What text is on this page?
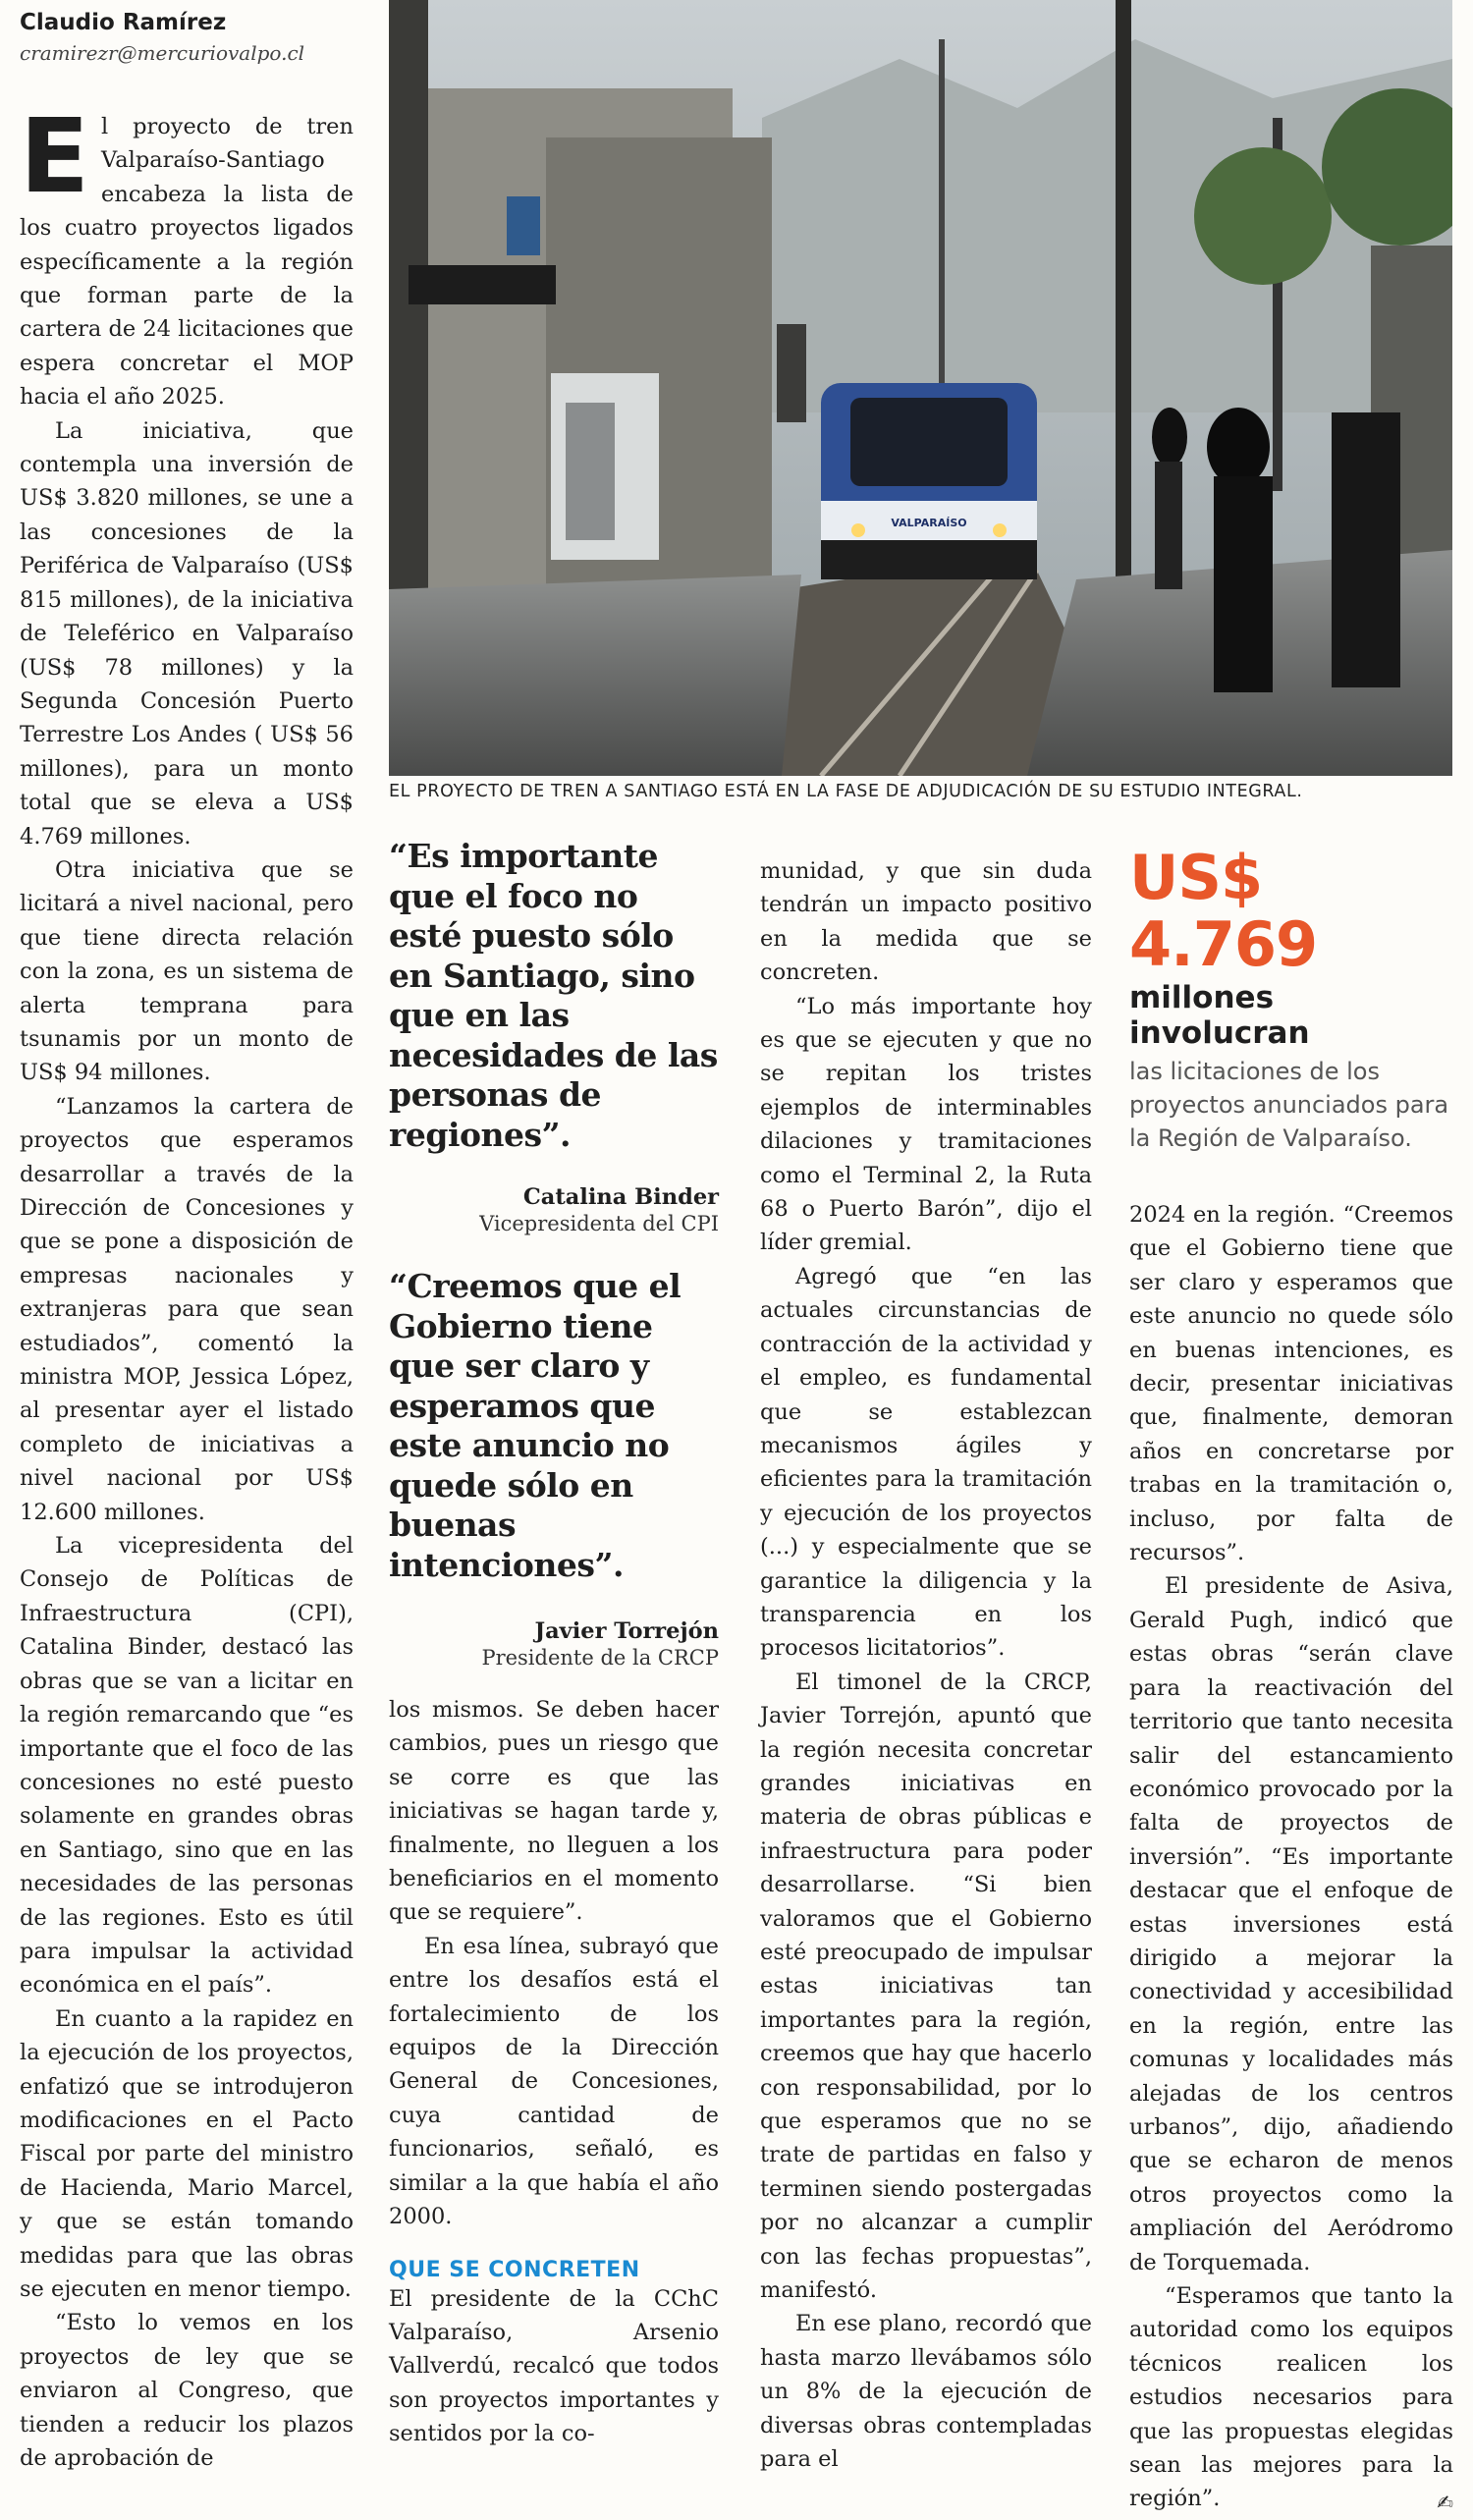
Claudio Ramírez

cramirezr@mercuriovalpo.cl

El proyecto de tren Valparaíso-Santiago encabeza la lista de los cuatro proyectos ligados específicamente a la región que forman parte de la cartera de 24 licitaciones que espera concretar el MOP hacia el año 2025.

La iniciativa, que contempla una inversión de US$ 3.820 millones, se une a las concesiones de la Periférica de Valparaíso (US$ 815 millones), de la iniciativa de Teleférico en Valparaíso (US$ 78 millones) y la Segunda Concesión Puerto Terrestre Los Andes ( US$ 56 millones), para un monto total que se eleva a US$ 4.769 millones.

Otra iniciativa que se licitará a nivel nacional, pero que tiene directa relación con la zona, es un sistema de alerta temprana para tsunamis por un monto de US$ 94 millones.

“Lanzamos la cartera de proyectos que esperamos desarrollar a través de la Dirección de Concesiones y que se pone a disposición de empresas nacionales y extranjeras para que sean estudiados”, comentó la ministra MOP, Jessica López, al presentar ayer el listado completo de iniciativas a nivel nacional por US$ 12.600 millones.

La vicepresidenta del Consejo de Políticas de Infraestructura (CPI), Catalina Binder, destacó las obras que se van a licitar en la región remarcando que “es importante que el foco de las concesiones no esté puesto solamente en grandes obras en Santiago, sino que en las necesidades de las personas de las regiones. Esto es útil para impulsar la actividad económica en el país”.

En cuanto a la rapidez en la ejecución de los proyectos, enfatizó que se introdujeron modificaciones en el Pacto Fiscal por parte del ministro de Hacienda, Mario Marcel, y que se están tomando medidas para que las obras se ejecuten en menor tiempo.

“Esto lo vemos en los proyectos de ley que se enviaron al Congreso, que tienden a reducir los plazos de aprobación de

VALPARAÍSO
EL PROYECTO DE TREN A SANTIAGO ESTÁ EN LA FASE DE ADJUDICACIÓN DE SU ESTUDIO INTEGRAL.

“Es importante que el foco no esté puesto sólo en Santiago, sino que en las necesidades de las personas de regiones”.

Catalina Binder

Vicepresidenta del CPI

“Creemos que el Gobierno tiene que ser claro y esperamos que este anuncio no quede sólo en buenas intenciones”.

Javier Torrejón

Presidente de la CRCP

los mismos. Se deben hacer cambios, pues un riesgo que se corre es que las iniciativas se hagan tarde y, finalmente, no lleguen a los beneficiarios en el momento que se requiere”.

En esa línea, subrayó que entre los desafíos está el fortalecimiento de los equipos de la Dirección General de Concesiones, cuya cantidad de funcionarios, señaló, es similar a la que había el año 2000.

QUE SE CONCRETEN

El presidente de la CChC Valparaíso, Arsenio Vallverdú, recalcó que todos son proyectos importantes y sentidos por la co-

munidad, y que sin duda tendrán un impacto positivo en la medida que se concreten.

“Lo más importante hoy es que se ejecuten y que no se repitan los tristes ejemplos de interminables dilaciones y tramitaciones como el Terminal 2, la Ruta 68 o Puerto Barón”, dijo el líder gremial.

Agregó que “en las actuales circunstancias de contracción de la actividad y el empleo, es fundamental que se establezcan mecanismos ágiles y eficientes para la tramitación y ejecución de los proyectos (...) y especialmente que se garantice la diligencia y la transparencia en los procesos licitatorios”.

El timonel de la CRCP, Javier Torrejón, apuntó que la región necesita concretar grandes iniciativas en materia de obras públicas e infraestructura para poder desarrollarse. “Si bien valoramos que el Gobierno esté preocupado de impulsar estas iniciativas tan importantes para la región, creemos que hay que hacerlo con responsabilidad, por lo que esperamos que no se trate de partidas en falso y terminen siendo postergadas por no alcanzar a cumplir con las fechas propuestas”, manifestó.

En ese plano, recordó que hasta marzo llevábamos sólo un 8% de la ejecución de diversas obras contempladas para el

US$ 4.769

millones involucran

las licitaciones de los proyectos anunciados para la Región de Valparaíso.

2024 en la región. “Creemos que el Gobierno tiene que ser claro y esperamos que este anuncio no quede sólo en buenas intenciones, es decir, presentar iniciativas que, finalmente, demoran años en concretarse por trabas en la tramitación o, incluso, por falta de recursos”.

El presidente de Asiva, Gerald Pugh, indicó que estas obras “serán clave para la reactivación del territorio que tanto necesita salir del estancamiento económico provocado por la falta de proyectos de inversión”. “Es importante destacar que el enfoque de estas inversiones está dirigido a mejorar la conectividad y accesibilidad en la región, entre las comunas y localidades más alejadas de los centros urbanos”, dijo, añadiendo que se echaron de menos otros proyectos como la ampliación del Aeródromo de Torquemada.

“Esperamos que tanto la autoridad como los equipos técnicos realicen los estudios necesarios para que las propuestas elegidas sean las mejores para la región”.	✍
